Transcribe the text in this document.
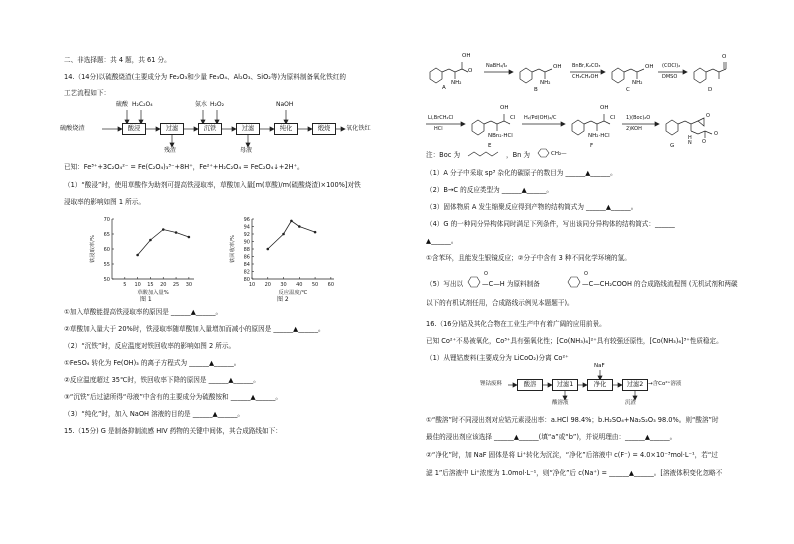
二、非选择题：共 4 题，共 61 分。
14.（14分)以硫酸烧渣(主要成分为 Fe₂O₃和少量 Fe₃O₄、Al₂O₃、SiO₂等)为原料制备氧化铁红的
工艺流程如下：
硫酸 H₂C₂O₄	氨水 H₂O₂	NaOH
硫酸烧渣	酸浸	过滤	沉铁	过滤	纯化	煅烧	氧化铁红
残渣	母液
已知：Fe³⁺+3C₂O₄²⁻ = Fe(C₂O₄)₃³⁻+8H⁺，Fe²⁺+H₂C₂O₄ = FeC₂O₄↓+2H⁺。
（1）“酸浸”时，使用草酸作为助剂可提高铁浸取率，草酸加入量[m(草酸)/m(硫酸烧渣)×100%]对铁
浸取率的影响如图 1 所示。
50
55
60
65
70
5 10 15 20 25 30
草酸加入量%
铁浸取率/%
80
82
84
86
88
90
92
94
96
10 20 30 40 50 60
反应温度/℃
铁回收率/%
图 1	图 2
①加入草酸能提高铁浸取率的原因是 ______▲______。
②草酸加入量大于 20%时，铁浸取率随草酸加入量增加而减小的原因是 ______▲______。
（2）“沉铁”时，反应温度对铁回收率的影响如图 2 所示。
①FeSO₄ 转化为 Fe(OH)₃ 的离子方程式为 ______▲______。
②反应温度超过 35℃时，铁回收率下降的原因是 ______▲______。
③“沉铁”后过滤所得“母液”中含有的主要成分为硫酸铵和 ______▲______。
（3）“纯化”时，加入 NaOH 溶液的目的是 ______▲______。
15.（15分) G 是制备抑制流感 HIV 药物的关键中间体，其合成路线如下：
OH
O
NH₂	NH₂
OH
NH₂
OH
O
NaBH₄/I₂	BnBr,K₂CO₃
CH₃CH₂OH
(COCl)₂
DMSO
A	B	C	D
Li,BrCH₂Cl
HCl
Cl
OH
NBn₂·HCl
H₂/Pd(OH)₂/C
OH
Cl
NH₂·HCl
1)(Boc)₂O
2)KOH
H
N
O
O
O
E	F	G
注：Boc 为	，Bn 为	CH₂—
（1）A 分子中采取 sp³ 杂化的碳原子的数目为 ______▲______。
（2）B→C 的反应类型为 ______▲______。
（3）固体物质 A 发生缩聚反应得到产物的结构简式为 ______▲______。
（4）G 的一种同分异构体同时满足下列条件，写出该同分异构体的结构简式：______
▲______。
①含苯环，且能发生银镜反应；②分子中含有 3 种不同化学环境的氢。
（5）写出以
O
—C—H 为原料制备
O
—C—CH₂COOH 的合成路线流程图 (无机试剂和两碳
以下的有机试剂任用，合成路线示例见本题题干)。
16.（16分)钴及其化合物在工业生产中有着广阔的应用前景。
已知 Co²⁺不易被氧化，Co³⁺具有强氧化性；[Co(NH₃)₆]²⁺具有较强还原性，[Co(NH₃)₆]³⁺性质稳定。
（1）从锂钴废料(主要成分为 LiCoO₂)分离 Co²⁺
NaF
锂钴废料	酸溶	过滤1	净化	过滤2 →含Co²⁺溶液
酸溶液	沉渣
①“酸溶”时不同浸出剂对应钴元素浸出率：a.HCl 98.4%；b.H₂SO₄+Na₂S₂O₃ 98.0%。则“酸溶”时
最佳的浸出剂应该选择 ______▲______(填“a”或“b”)，并说明理由：______▲______。
②“净化”时，加 NaF 固体是将 Li⁺转化为沉淀，“净化”后溶液中 c(F⁻) = 4.0×10⁻³mol·L⁻¹，若“过
滤 1”后溶液中 Li⁺浓度为 1.0mol·L⁻¹，则“净化”后 c(Na⁺) = ______▲______。[溶液体积变化忽略不
